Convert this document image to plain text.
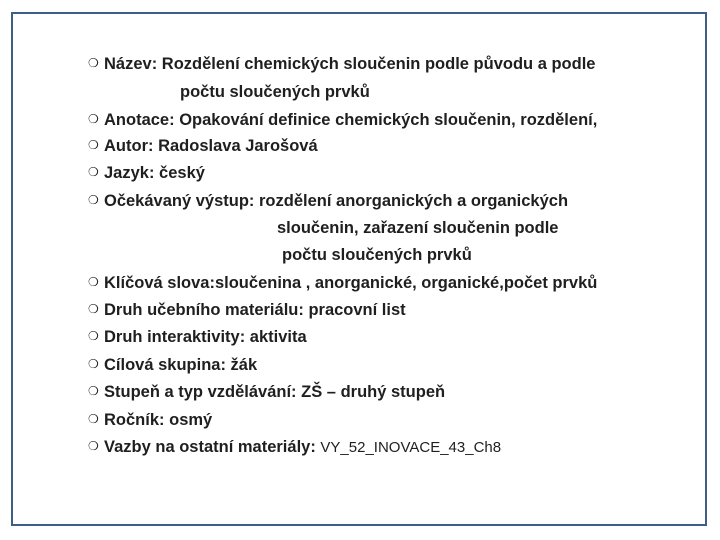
❍ Název: Rozdělení chemických sloučenin podle původu a podle
počtu sloučených prvků
❍ Anotace: Opakování definice chemických sloučenin, rozdělení,
❍ Autor: Radoslava Jarošová
❍ Jazyk: český
❍ Očekávaný výstup: rozdělení anorganických a organických
sloučenin, zařazení sloučenin podle
počtu sloučených prvků
❍ Klíčová slova:sloučenina , anorganické, organické,počet prvků
❍ Druh učebního materiálu: pracovní list
❍ Druh interaktivity: aktivita
❍ Cílová skupina: žák
❍ Stupeň a typ vzdělávání: ZŠ – druhý stupeň
❍ Ročník: osmý
❍ Vazby na ostatní materiály: VY_52_INOVACE_43_Ch8
